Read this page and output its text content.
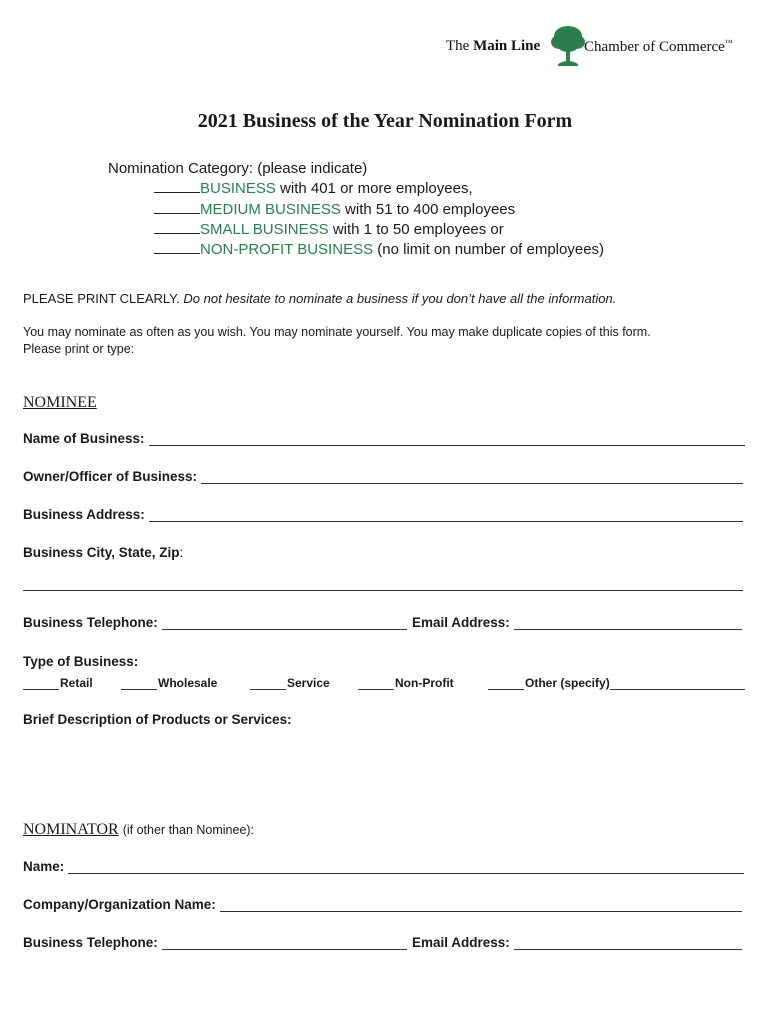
The Main Line	Chamber of Commerce™
2021 Business of the Year Nomination Form
Nomination Category: (please indicate)
BUSINESS with 401 or more employees,
MEDIUM BUSINESS with 51 to 400 employees
SMALL BUSINESS with 1 to 50 employees or
NON-PROFIT BUSINESS (no limit on number of employees)
PLEASE PRINT CLEARLY. Do not hesitate to nominate a business if you don’t have all the information.
You may nominate as often as you wish. You may nominate yourself. You may make duplicate copies of this form.
Please print or type:
NOMINEE
Name of Business:
Owner/Officer of Business:
Business Address:
Business City, State, Zip :
Business Telephone:	Email Address:
Type of Business:
Retail	Wholesale	Service	Non-Profit	Other (specify)
Brief Description of Products or Services:
NOMINATOR (if other than Nominee):
Name:
Company/Organization Name:
Business Telephone:	Email Address:
